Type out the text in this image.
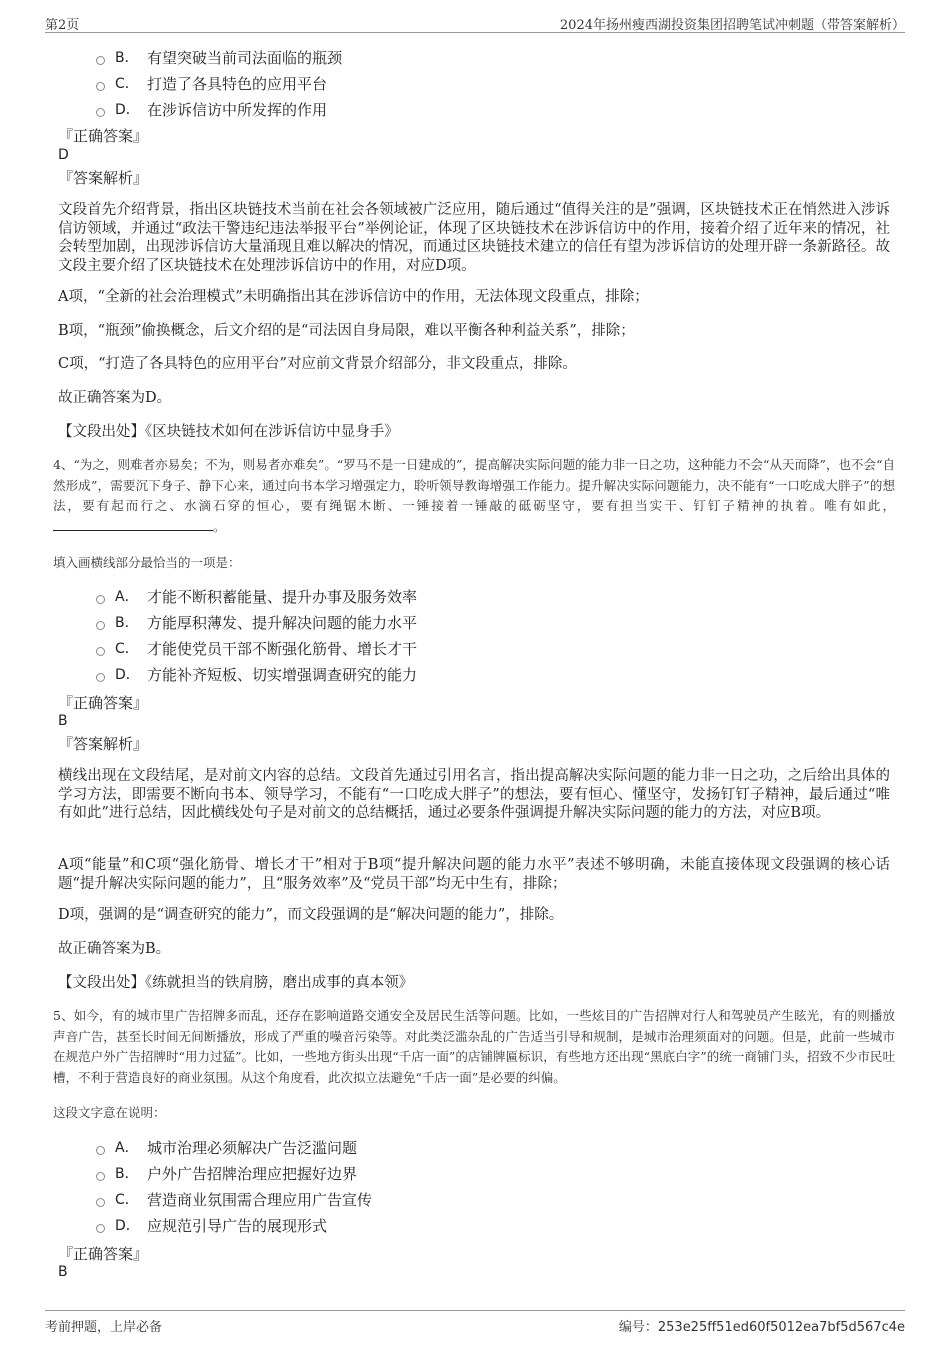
第2页	2024年扬州瘦西湖投资集团招聘笔试冲刺题（带答案解析）
B． 有望突破当前司法面临的瓶颈
C． 打造了各具特色的应用平台
D． 在涉诉信访中所发挥的作用
『正确答案』
D
『答案解析』
文段首先介绍背景，指出区块链技术当前在社会各领域被广泛应用，随后通过“值得关注的是”强调，区块链技术正在悄然进入涉诉信访领域，并通过“政法干警违纪违法举报平台”举例论证，体现了区块链技术在涉诉信访中的作用，接着介绍了近年来的情况，社会转型加剧，出现涉诉信访大量涌现且难以解决的情况，而通过区块链技术建立的信任有望为涉诉信访的处理开辟一条新路径。故文段主要介绍了区块链技术在处理涉诉信访中的作用，对应D项。
A项，“全新的社会治理模式”未明确指出其在涉诉信访中的作用，无法体现文段重点，排除；
B项，“瓶颈”偷换概念，后文介绍的是“司法因自身局限，难以平衡各种利益关系”，排除；
C项，“打造了各具特色的应用平台”对应前文背景介绍部分，非文段重点，排除。
故正确答案为D。
【文段出处】《区块链技术如何在涉诉信访中显身手》
4、“为之，则难者亦易矣；不为，则易者亦难矣”。“罗马不是一日建成的”，提高解决实际问题的能力非一日之功，这种能力不会“从天而降”，也不会“自然形成”，需要沉下身子、静下心来，通过向书本学习增强定力，聆听领导教诲增强工作能力。提升解决实际问题能力，决不能有“一口吃成大胖子”的想法，要有起而行之、水滴石穿的恒心，要有绳锯木断、一锤接着一锤敲的砥砺坚守，要有担当实干、钉钉子精神的执着。唯有如此，。
填入画横线部分最恰当的一项是：
A． 才能不断积蓄能量、提升办事及服务效率
B． 方能厚积薄发、提升解决问题的能力水平
C． 才能使党员干部不断强化筋骨、增长才干
D． 方能补齐短板、切实增强调查研究的能力
『正确答案』
B
『答案解析』
横线出现在文段结尾，是对前文内容的总结。文段首先通过引用名言，指出提高解决实际问题的能力非一日之功，之后给出具体的学习方法，即需要不断向书本、领导学习，不能有“一口吃成大胖子”的想法，要有恒心、懂坚守，发扬钉钉子精神，最后通过“唯有如此”进行总结，因此横线处句子是对前文的总结概括，通过必要条件强调提升解决实际问题的能力的方法，对应B项。
A项“能量”和C项“强化筋骨、增长才干”相对于B项“提升解决问题的能力水平”表述不够明确，未能直接体现文段强调的核心话题“提升解决实际问题的能力”，且“服务效率”及“党员干部”均无中生有，排除；
D项，强调的是“调查研究的能力”，而文段强调的是“解决问题的能力”，排除。
故正确答案为B。
【文段出处】《练就担当的铁肩膀，磨出成事的真本领》
5、如今，有的城市里广告招牌多而乱，还存在影响道路交通安全及居民生活等问题。比如，一些炫目的广告招牌对行人和驾驶员产生眩光，有的则播放声音广告，甚至长时间无间断播放，形成了严重的噪音污染等。对此类泛滥杂乱的广告适当引导和规制，是城市治理须面对的问题。但是，此前一些城市在规范户外广告招牌时“用力过猛”。比如，一些地方街头出现“千店一面”的店铺牌匾标识，有些地方还出现“黑底白字”的统一商铺门头，招致不少市民吐槽，不利于营造良好的商业氛围。从这个角度看，此次拟立法避免“千店一面”是必要的纠偏。
这段文字意在说明：
A． 城市治理必须解决广告泛滥问题
B． 户外广告招牌治理应把握好边界
C． 营造商业氛围需合理应用广告宣传
D． 应规范引导广告的展现形式
『正确答案』
B
考前押题，上岸必备	编号：253e25ff51ed60f5012ea7bf5d567c4e
